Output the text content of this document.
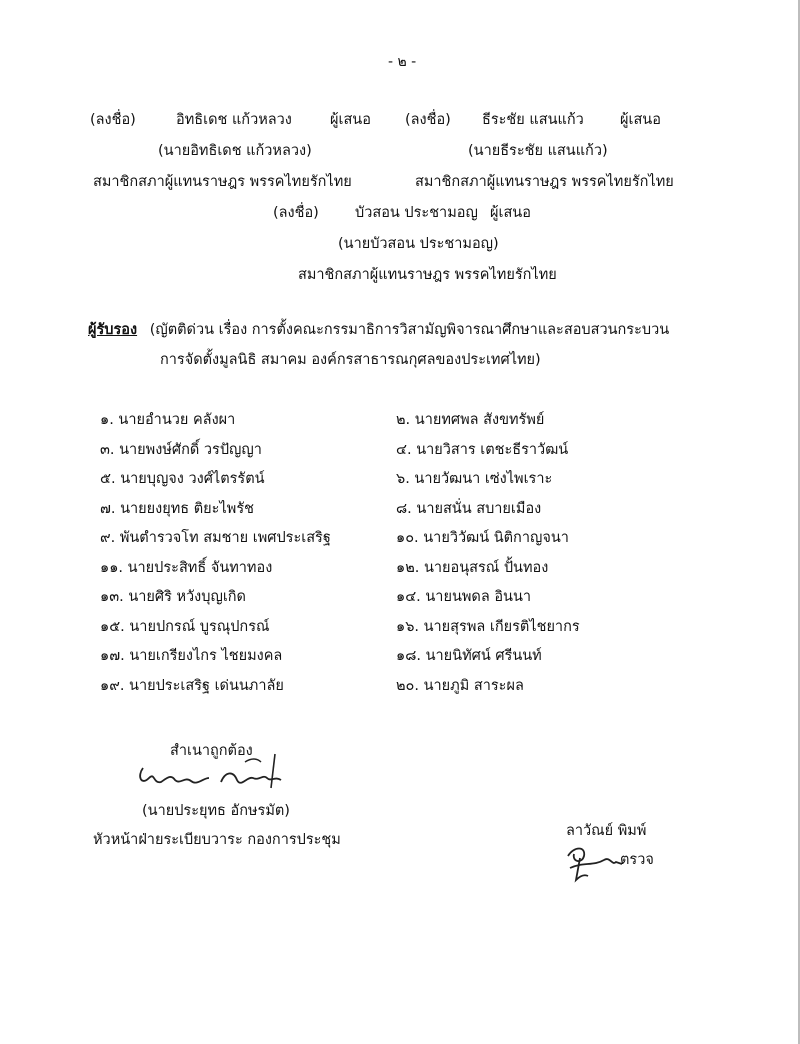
- ๒ -
(ลงชื่อ)	อิทธิเดช แก้วหลวง	ผู้เสนอ
(นายอิทธิเดช แก้วหลวง)
สมาชิกสภาผู้แทนราษฎร พรรคไทยรักไทย
(ลงชื่อ) ธีระชัย แสนแก้ว	ผู้เสนอ
(นายธีระชัย แสนแก้ว)
สมาชิกสภาผู้แทนราษฎร พรรคไทยรักไทย
(ลงชื่อ) บัวสอน ประชามอญ ผู้เสนอ
(นายบัวสอน ประชามอญ)
สมาชิกสภาผู้แทนราษฎร พรรคไทยรักไทย
ผู้รับรอง (ญัตติด่วน เรื่อง การตั้งคณะกรรมาธิการวิสามัญพิจารณาศึกษาและสอบสวนกระบวน
การจัดตั้งมูลนิธิ สมาคม องค์กรสาธารณกุศลของประเทศไทย)
๑. นายอำนวย คลังผา	๒. นายทศพล สังขทรัพย์
๓. นายพงษ์ศักดิ์ วรปัญญา	๔. นายวิสาร เตชะธีราวัฒน์
๕. นายบุญจง วงศ์ไตรรัตน์	๖. นายวัฒนา เซ่งไพเราะ
๗. นายยงยุทธ ติยะไพรัช	๘. นายสนั่น สบายเมือง
๙. พันตำรวจโท สมชาย เพศประเสริฐ	๑๐. นายวิวัฒน์ นิติกาญจนา
๑๑. นายประสิทธิ์ จันทาทอง	๑๒. นายอนุสรณ์ ปั้นทอง
๑๓. นายศิริ หวังบุญเกิด	๑๔. นายนพดล อินนา
๑๕. นายปกรณ์ บูรณุปกรณ์	๑๖. นายสุรพล เกียรติไชยากร
๑๗. นายเกรียงไกร ไชยมงคล	๑๘. นายนิทัศน์ ศรีนนท์
๑๙. นายประเสริฐ เด่นนภาลัย	๒๐. นายภูมิ สาระผล
สำเนาถูกต้อง
(นายประยุทธ อักษรมัต)
หัวหน้าฝ่ายระเบียบวาระ กองการประชุม
ลาวัณย์ พิมพ์
ตรวจ
